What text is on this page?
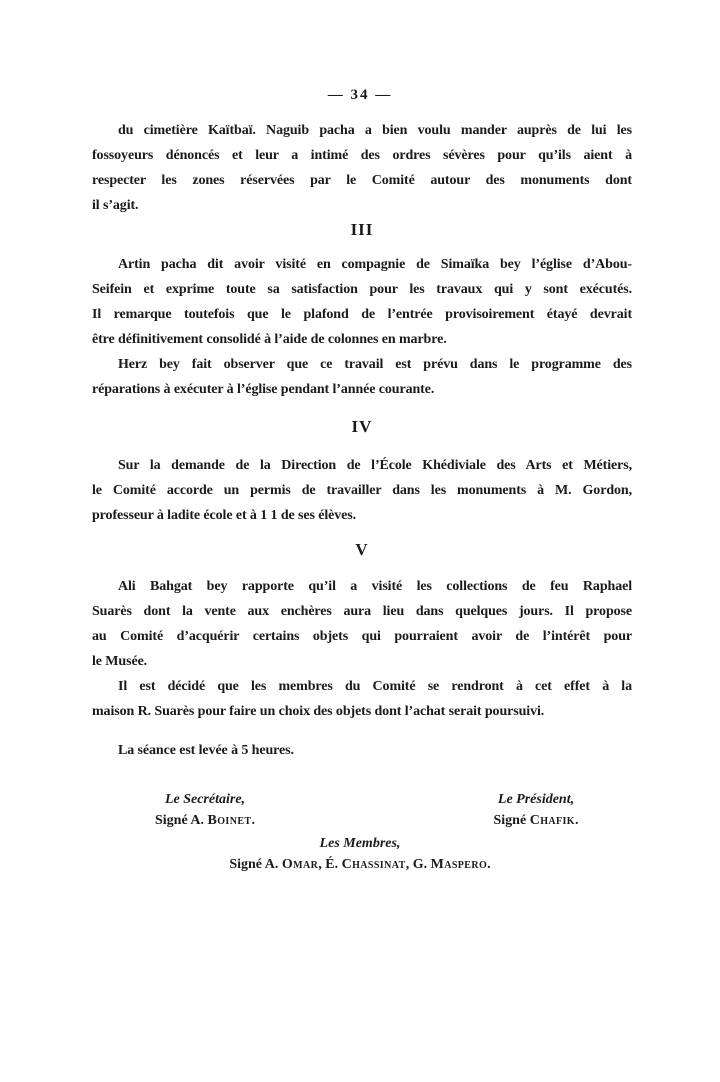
— 34 —
du cimetière Kaïtbaï. Naguib pacha a bien voulu mander auprès de lui les
fossoyeurs dénoncés et leur a intimé des ordres sévères pour qu’ils aient à
respecter les zones réservées par le Comité autour des monuments dont
il s’agit.
III
Artin pacha dit avoir visité en compagnie de Simaïka bey l’église d’Abou-
Seifein et exprime toute sa satisfaction pour les travaux qui y sont exécutés.
Il remarque toutefois que le plafond de l’entrée provisoirement étayé devrait
être définitivement consolidé à l’aide de colonnes en marbre.
Herz bey fait observer que ce travail est prévu dans le programme des
réparations à exécuter à l’église pendant l’année courante.
IV
Sur la demande de la Direction de l’École Khédiviale des Arts et Métiers,
le Comité accorde un permis de travailler dans les monuments à M. Gordon,
professeur à ladite école et à 1 1 de ses élèves.
V
Ali Bahgat bey rapporte qu’il a visité les collections de feu Raphael
Suarès dont la vente aux enchères aura lieu dans quelques jours. Il propose
au Comité d’acquérir certains objets qui pourraient avoir de l’intérêt pour
le Musée.
Il est décidé que les membres du Comité se rendront à cet effet à la
maison R. Suarès pour faire un choix des objets dont l’achat serait poursuivi.
La séance est levée à 5 heures.
Le Secrétaire,
Signé A. Boinet.
Le Président,
Signé Chafik.
Les Membres,
Signé A. Omar, É. Chassinat, G. Maspero.
